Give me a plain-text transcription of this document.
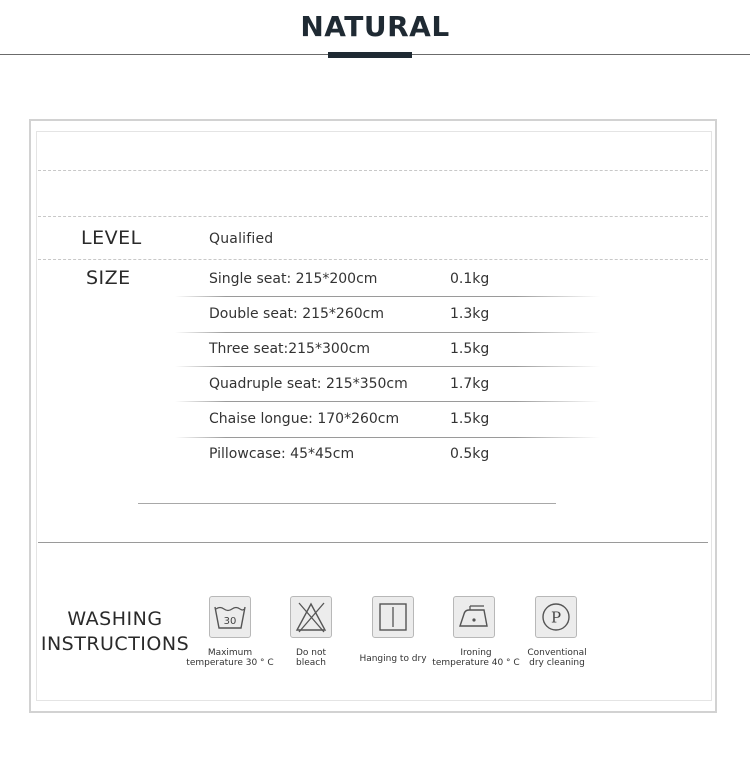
NATURAL
LEVEL	Qualified
SIZE	Single seat: 215*200cm	0.1kg
Double seat: 215*260cm	1.3kg
Three seat:215*300cm	1.5kg
Quadruple seat: 215*350cm	1.7kg
Chaise longue: 170*260cm	1.5kg
Pillowcase: 45*45cm	0.5kg
WASHING
INSTRUCTIONS
30
Maximum
temperature 30 ° C
Do not
bleach	Hanging to dry
Ironing
temperature 40 ° C
P
Conventional
dry cleaning
